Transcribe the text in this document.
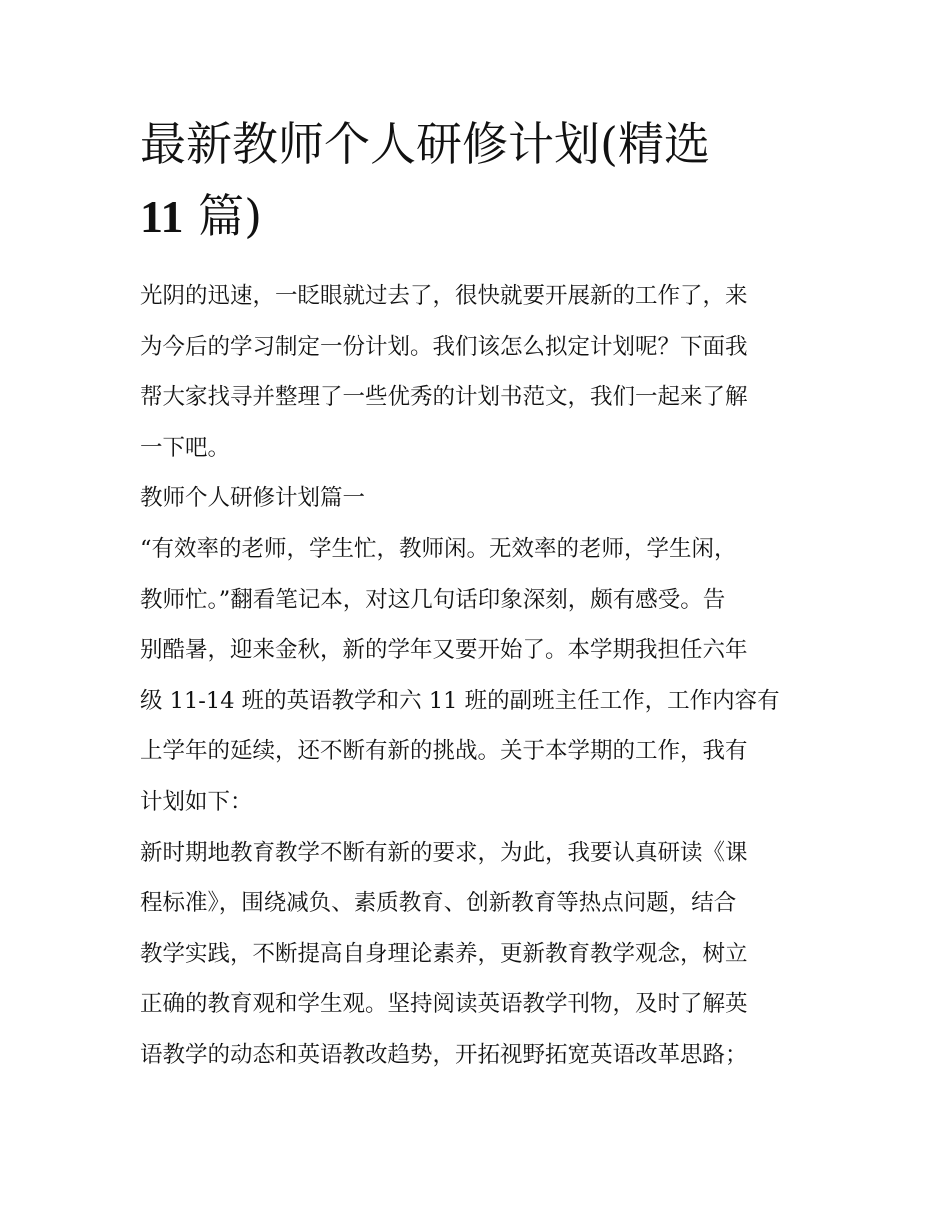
最新教师个人研修计划(精选
11 篇)

光阴的迅速，一眨眼就过去了，很快就要开展新的工作了，来
为今后的学习制定一份计划。我们该怎么拟定计划呢？下面我
帮大家找寻并整理了一些优秀的计划书范文，我们一起来了解
一下吧。

教师个人研修计划篇一

“有效率的老师，学生忙，教师闲。无效率的老师，学生闲，
教师忙。”翻看笔记本，对这几句话印象深刻，颇有感受。告
别酷暑，迎来金秋，新的学年又要开始了。本学期我担任六年
级 11-14 班的英语教学和六 11 班的副班主任工作，工作内容有
上学年的延续，还不断有新的挑战。关于本学期的工作，我有
计划如下：

新时期地教育教学不断有新的要求，为此，我要认真研读《课
程标准》，围绕减负、素质教育、创新教育等热点问题，结合
教学实践，不断提高自身理论素养，更新教育教学观念，树立
正确的教育观和学生观。坚持阅读英语教学刊物，及时了解英
语教学的动态和英语教改趋势，开拓视野拓宽英语改革思路；
